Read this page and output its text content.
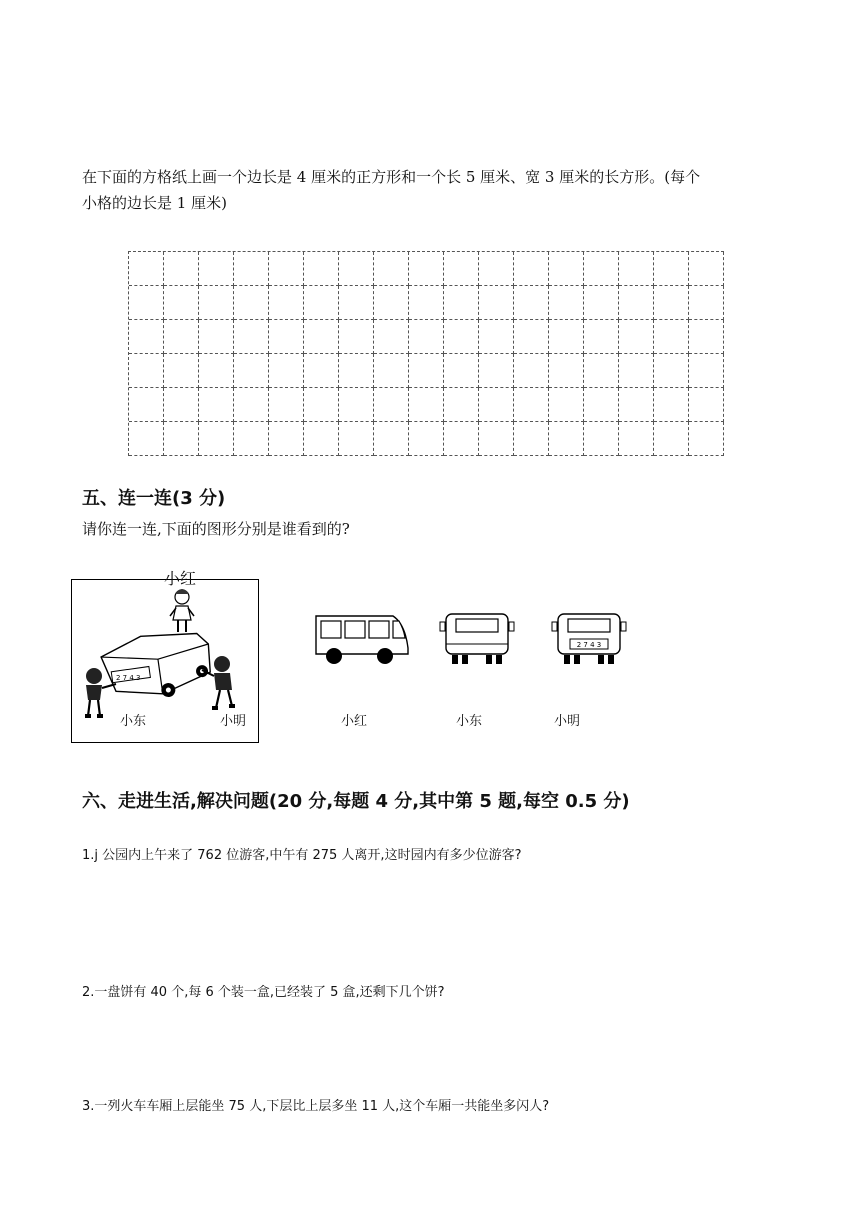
在下面的方格纸上画一个边长是 4 厘米的正方形和一个长 5 厘米、宽 3 厘米的长方形。(每个
小格的边长是 1 厘米)
五、连一连(3 分)
请你连一连,下面的图形分别是谁看到的?
2 7 4 3
小红
小东	小明
2 7 4 3
小红	小东	小明
六、走进生活,解决问题(20 分,每题 4 分,其中第 5 题,每空 0.5 分)
1.j 公园内上午来了 762 位游客,中午有 275 人离开,这时园内有多少位游客?
2.一盘饼有 40 个,每 6 个装一盒,已经装了 5 盒,还剩下几个饼?
3.一列火车车厢上层能坐 75 人,下层比上层多坐 11 人,这个车厢一共能坐多闪人?
